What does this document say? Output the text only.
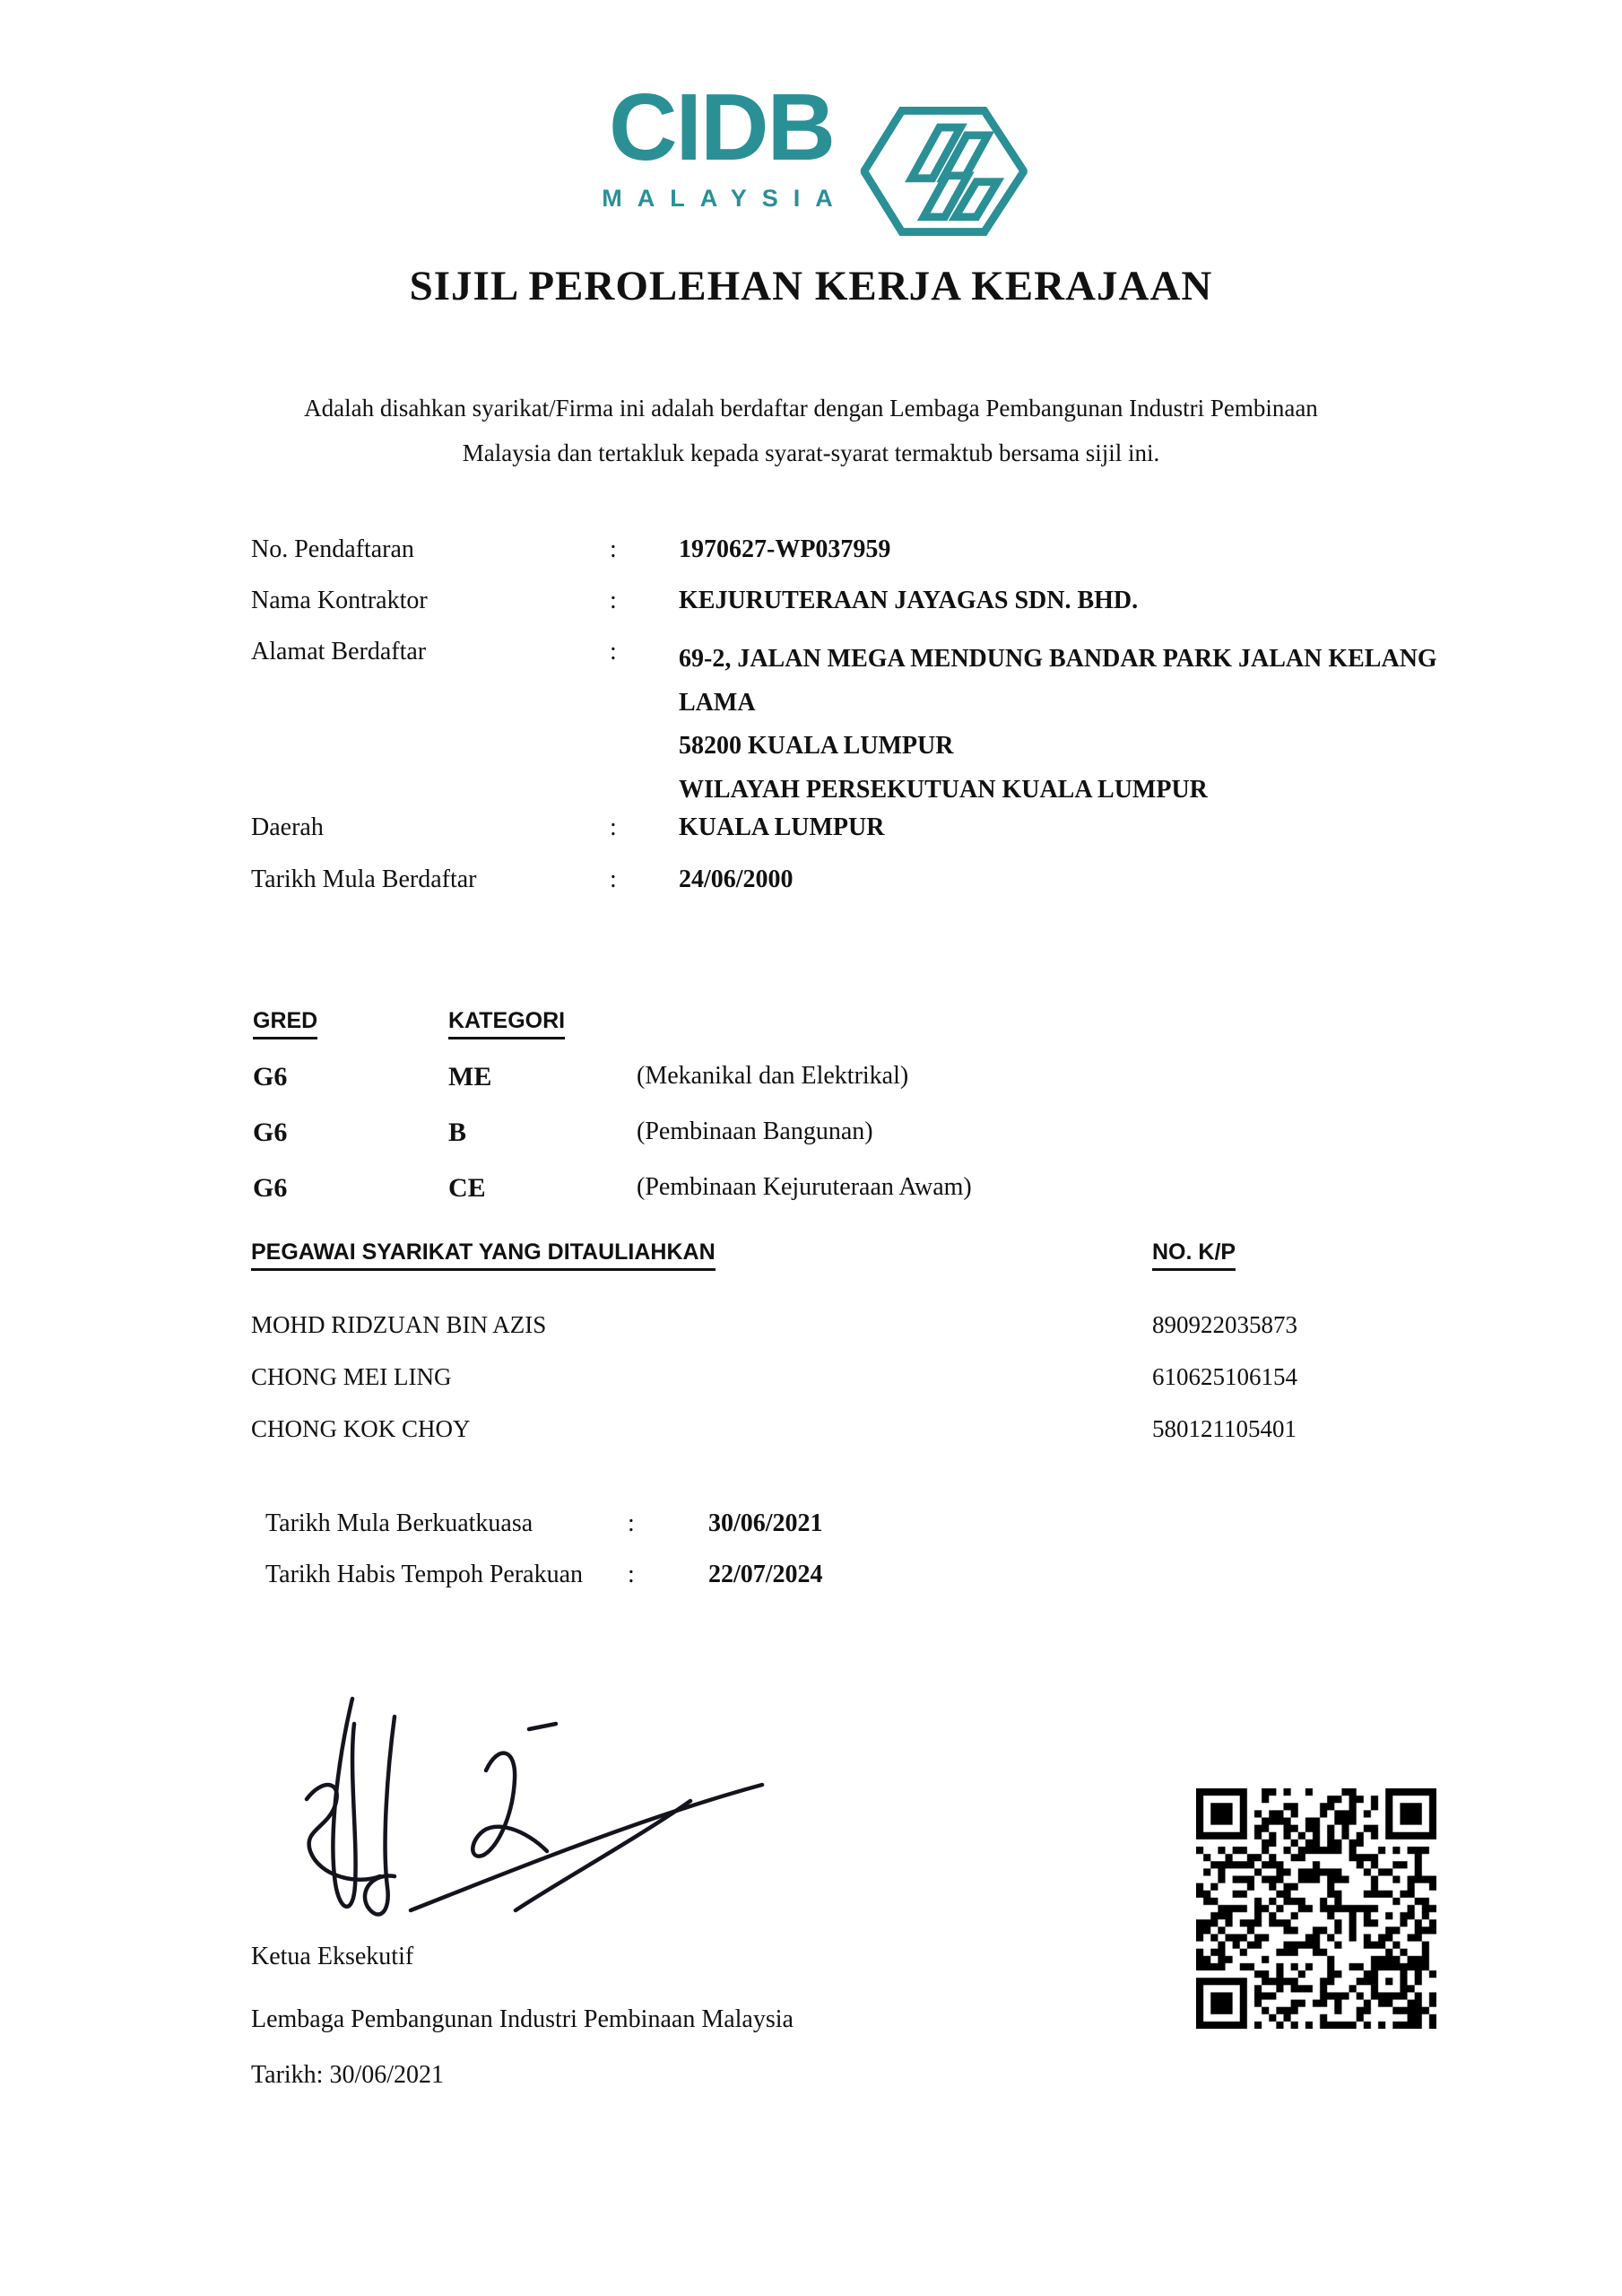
CIDB
MALAYSIA
SIJIL PEROLEHAN KERJA KERAJAAN

Adalah disahkan syarikat/Firma ini adalah berdaftar dengan Lembaga Pembangunan Industri Pembinaan
Malaysia dan tertakluk kepada syarat-syarat termaktub bersama sijil ini.

No. Pendaftaran	: 1970627-WP037959
Nama Kontraktor	: KEJURUTERAAN JAYAGAS SDN. BHD.
Alamat Berdaftar	: 69-2, JALAN MEGA MENDUNG BANDAR PARK JALAN KELANG
LAMA
58200 KUALA LUMPUR
WILAYAH PERSEKUTUAN KUALA LUMPUR
Daerah	: KUALA LUMPUR
Tarikh Mula Berdaftar	: 24/06/2000
GRED	KATEGORI
G6	ME	(Mekanikal dan Elektrikal)
G6	B	(Pembinaan Bangunan)
G6	CE	(Pembinaan Kejuruteraan Awam)
PEGAWAI SYARIKAT YANG DITAULIAHKAN	NO. K/P
MOHD RIDZUAN BIN AZIS	890922035873
CHONG MEI LING	610625106154
CHONG KOK CHOY	580121105401
Tarikh Mula Berkuatkuasa	:	30/06/2021
Tarikh Habis Tempoh Perakuan :	22/07/2024
Ketua Eksekutif
Lembaga Pembangunan Industri Pembinaan Malaysia
Tarikh: 30/06/2021
